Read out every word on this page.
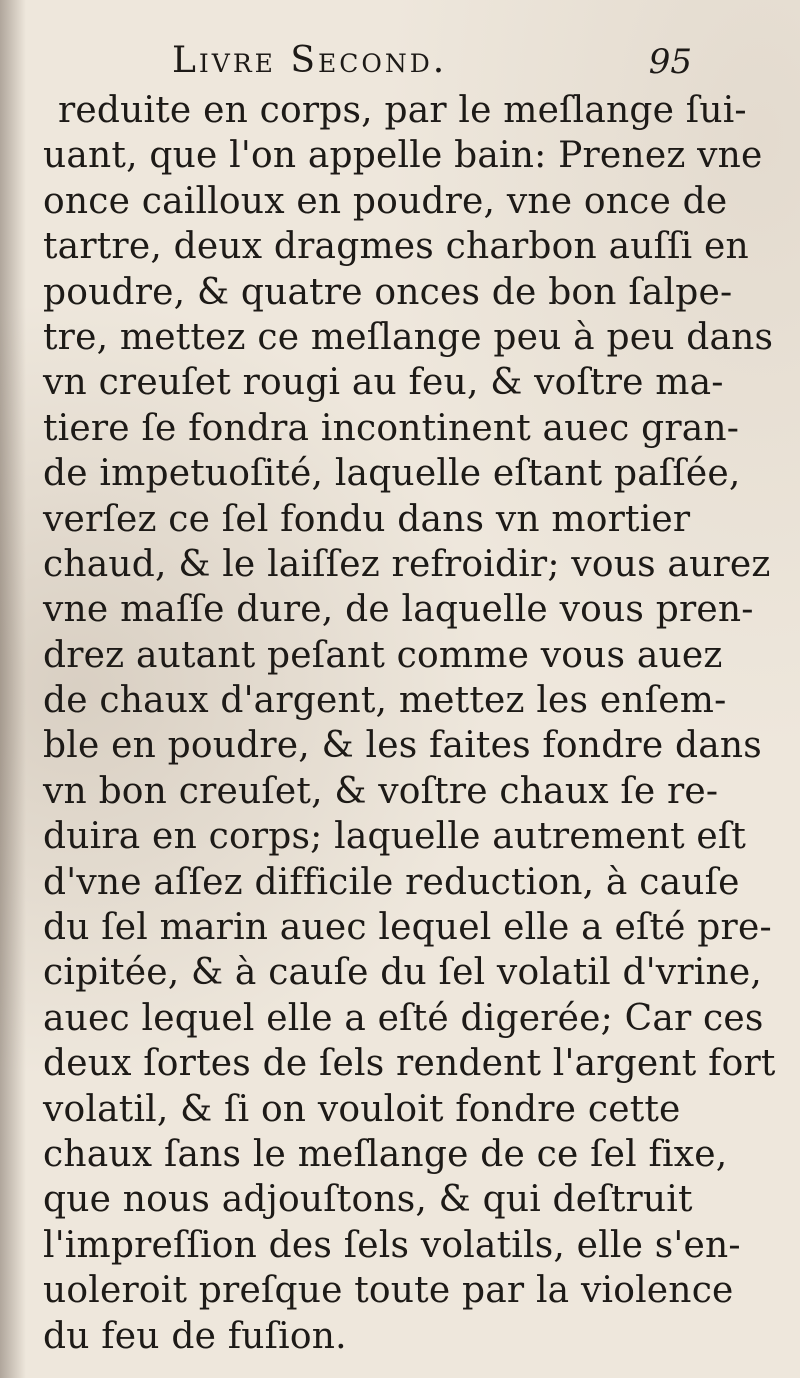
Livre Second.	95
reduite en corps, par le meſlange ſui-
uant, que l'on appelle bain: Prenez vne
once cailloux en poudre, vne once de
tartre, deux dragmes charbon auſſi en
poudre, & quatre onces de bon ſalpe-
tre, mettez ce meſlange peu à peu dans
vn creuſet rougi au feu, & voſtre ma-
tiere ſe fondra incontinent auec gran-
de impetuoſité, laquelle eſtant paſſée,
verſez ce ſel fondu dans vn mortier
chaud, & le laiſſez refroidir; vous aurez
vne maſſe dure, de laquelle vous pren-
drez autant peſant comme vous auez
de chaux d'argent, mettez les enſem-
ble en poudre, & les faites fondre dans
vn bon creuſet, & voſtre chaux ſe re-
duira en corps; laquelle autrement eſt
d'vne aſſez difficile reduction, à cauſe
du ſel marin auec lequel elle a eſté pre-
cipitée, & à cauſe du ſel volatil d'vrine,
auec lequel elle a eſté digerée; Car ces
deux ſortes de ſels rendent l'argent fort
volatil, & ſi on vouloit fondre cette
chaux ſans le meſlange de ce ſel fixe,
que nous adjouſtons, & qui deſtruit
l'impreſſion des ſels volatils, elle s'en-
uoleroit preſque toute par la violence
du feu de fuſion.
